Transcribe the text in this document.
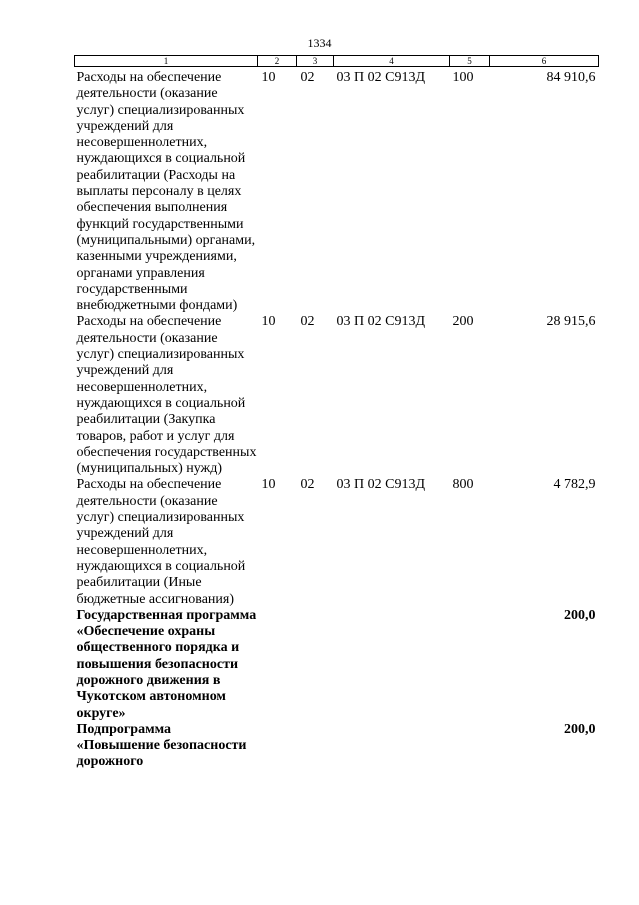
1334
1	2	3	4	5	6
Расходы на обеспечение деятельности (оказание услуг) специализированных учреждений для несовершеннолетних, нуждающихся в социальной реабилитации (Расходы на выплаты персоналу в целях обеспечения выполнения функций государственными (муниципальными) органами, казенными учреждениями, органами управления государственными внебюджетными фондами)	10	02	03 П 02 С913Д	100	84 910,6
Расходы на обеспечение деятельности (оказание услуг) специализированных учреждений для несовершеннолетних, нуждающихся в социальной реабилитации (Закупка товаров, работ и услуг для обеспечения государственных (муниципальных) нужд)	10	02	03 П 02 С913Д	200	28 915,6
Расходы на обеспечение деятельности (оказание услуг) специализированных учреждений для несовершеннолетних, нуждающихся в социальной реабилитации (Иные бюджетные ассигнования)	10	02	03 П 02 С913Д	800	4 782,9
Государственная программа «Обеспечение охраны общественного порядка и повышения безопасности дорожного движения в Чукотском автономном округе»					200,0
Подпрограмма «Повышение безопасности дорожного					200,0
